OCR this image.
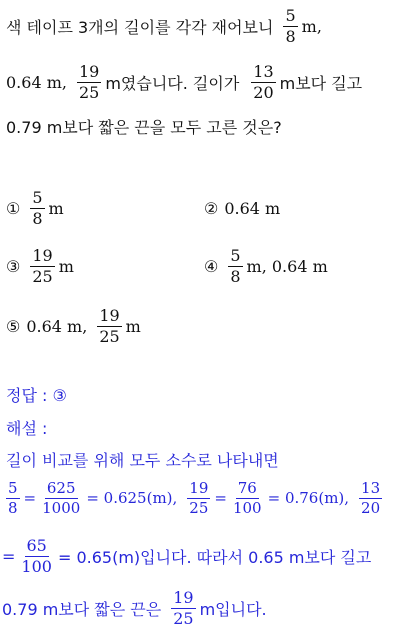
색 테이프 3개의 길이를 각각 재어보니 $\frac{5}{8} m$,
0.64 m, $\frac{19}{25}$ m였습니다. 길이가 $\frac{13}{20}$ m보다 길고
0.79 m보다 짧은 끈을 모두 고른 것은?
① $\frac{5}{8}$ m	② 0.64 m
③ $\frac{19}{25}$ m	④ $\frac{5}{8} m$, 0.64 m
⑤ 0.64 m, $\frac{19}{25}$ m
정답 : ③
해설 :
길이 비교를 위해 모두 소수로 나타내면
$\frac{5}{8} = \frac{625}{1000} = 0.625(m)$, $\frac{19}{25} = \frac{76}{100} = 0.76(m)$, $\frac{13}{20}$
= $\frac{65}{100} = 0.65(m)$입니다. 따라서 0.65 m보다 길고
0.79 m보다 짧은 끈은 $\frac{19}{25}$ m입니다.
